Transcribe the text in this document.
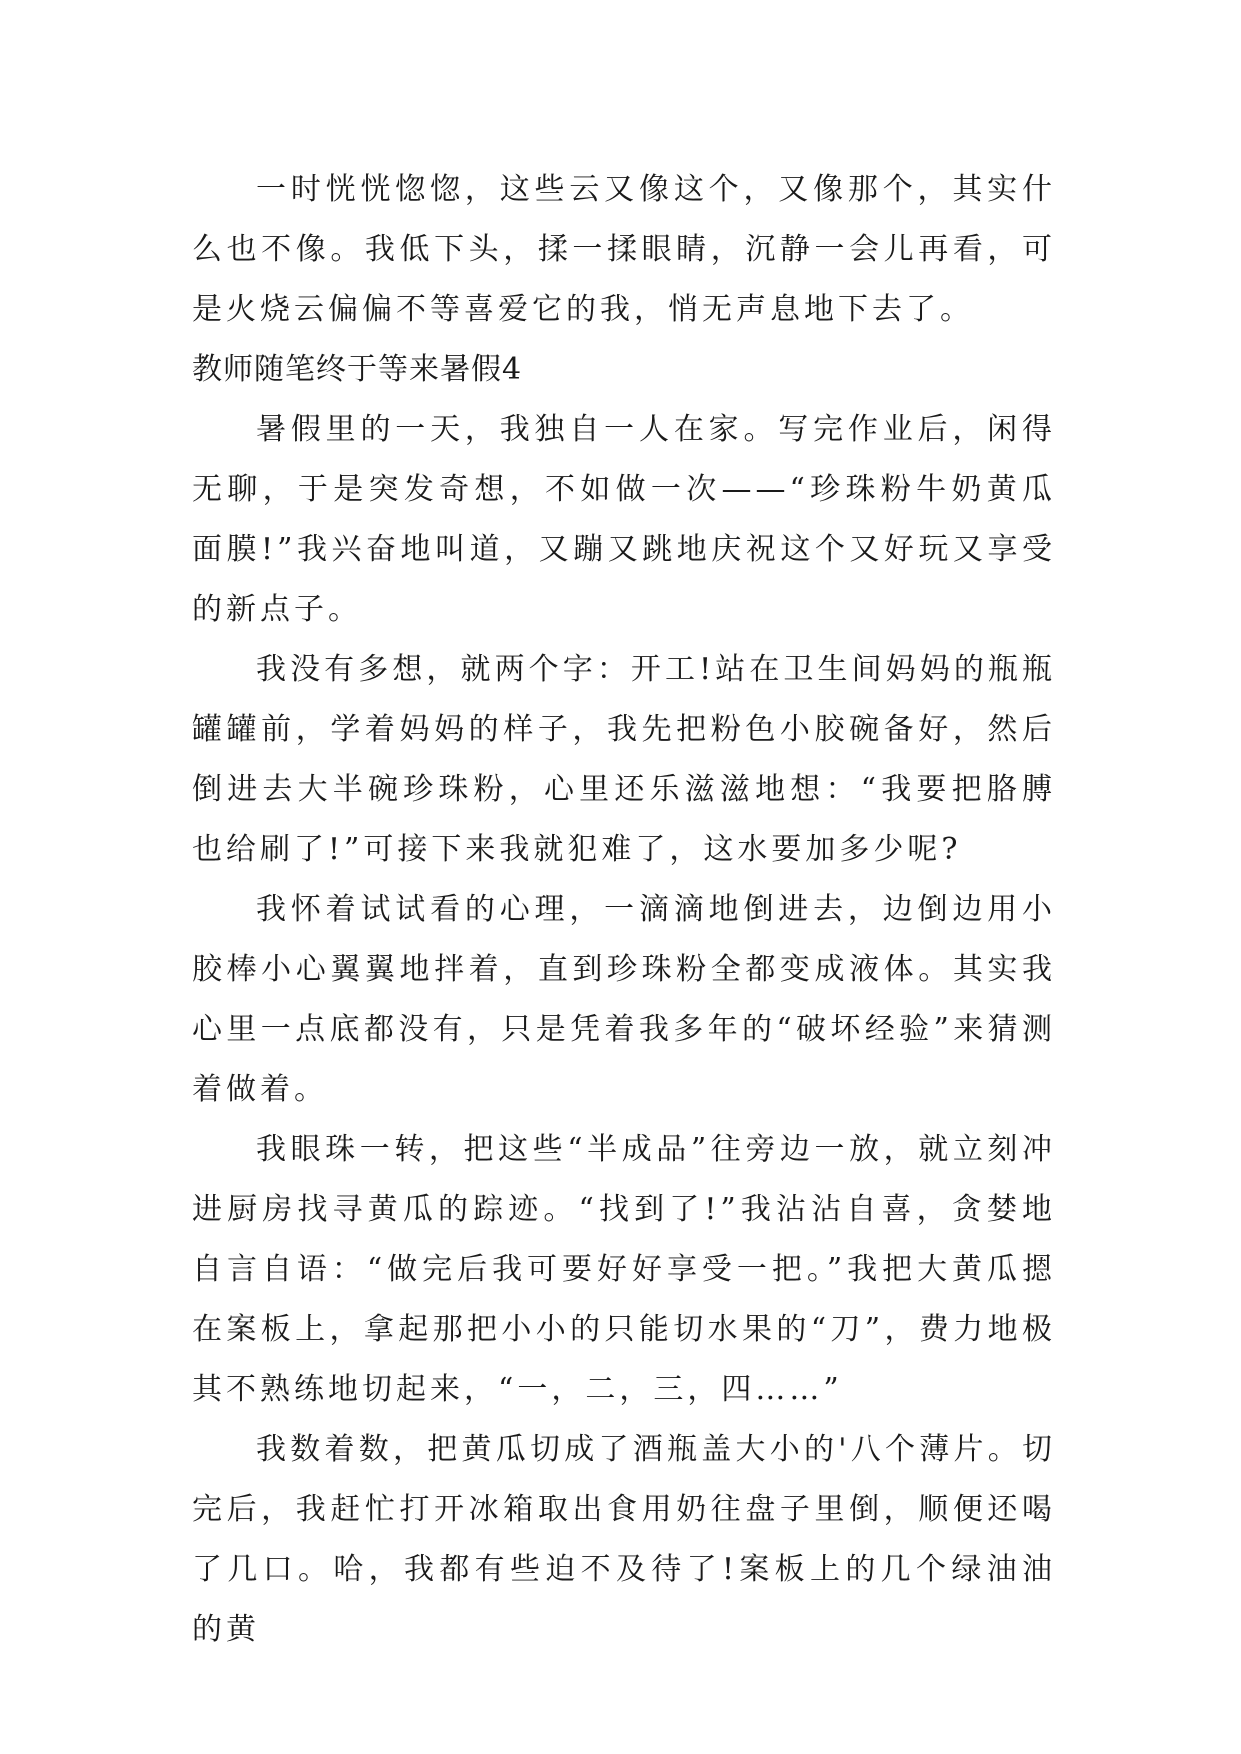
一时恍恍惚惚，这些云又像这个，又像那个，其实什么也不像。我低下头，揉一揉眼睛，沉静一会儿再看，可是火烧云偏偏不等喜爱它的我，悄无声息地下去了。

教师随笔终于等来暑假4

暑假里的一天，我独自一人在家。写完作业后，闲得无聊，于是突发奇想，不如做一次——“珍珠粉牛奶黄瓜面膜!”我兴奋地叫道，又蹦又跳地庆祝这个又好玩又享受的新点子。

我没有多想，就两个字：开工!站在卫生间妈妈的瓶瓶罐罐前，学着妈妈的样子，我先把粉色小胶碗备好，然后倒进去大半碗珍珠粉，心里还乐滋滋地想：“我要把胳膊也给刷了!”可接下来我就犯难了，这水要加多少呢?

我怀着试试看的心理，一滴滴地倒进去，边倒边用小胶棒小心翼翼地拌着，直到珍珠粉全都变成液体。其实我心里一点底都没有，只是凭着我多年的“破坏经验”来猜测着做着。

我眼珠一转，把这些“半成品”往旁边一放，就立刻冲进厨房找寻黄瓜的踪迹。“找到了!”我沾沾自喜，贪婪地自言自语：“做完后我可要好好享受一把。”我把大黄瓜摁在案板上，拿起那把小小的只能切水果的“刀”，费力地极其不熟练地切起来，“一，二，三，四……”

我数着数，把黄瓜切成了酒瓶盖大小的'八个薄片。切完后，我赶忙打开冰箱取出食用奶往盘子里倒，顺便还喝了几口。哈，我都有些迫不及待了!案板上的几个绿油油的黄
